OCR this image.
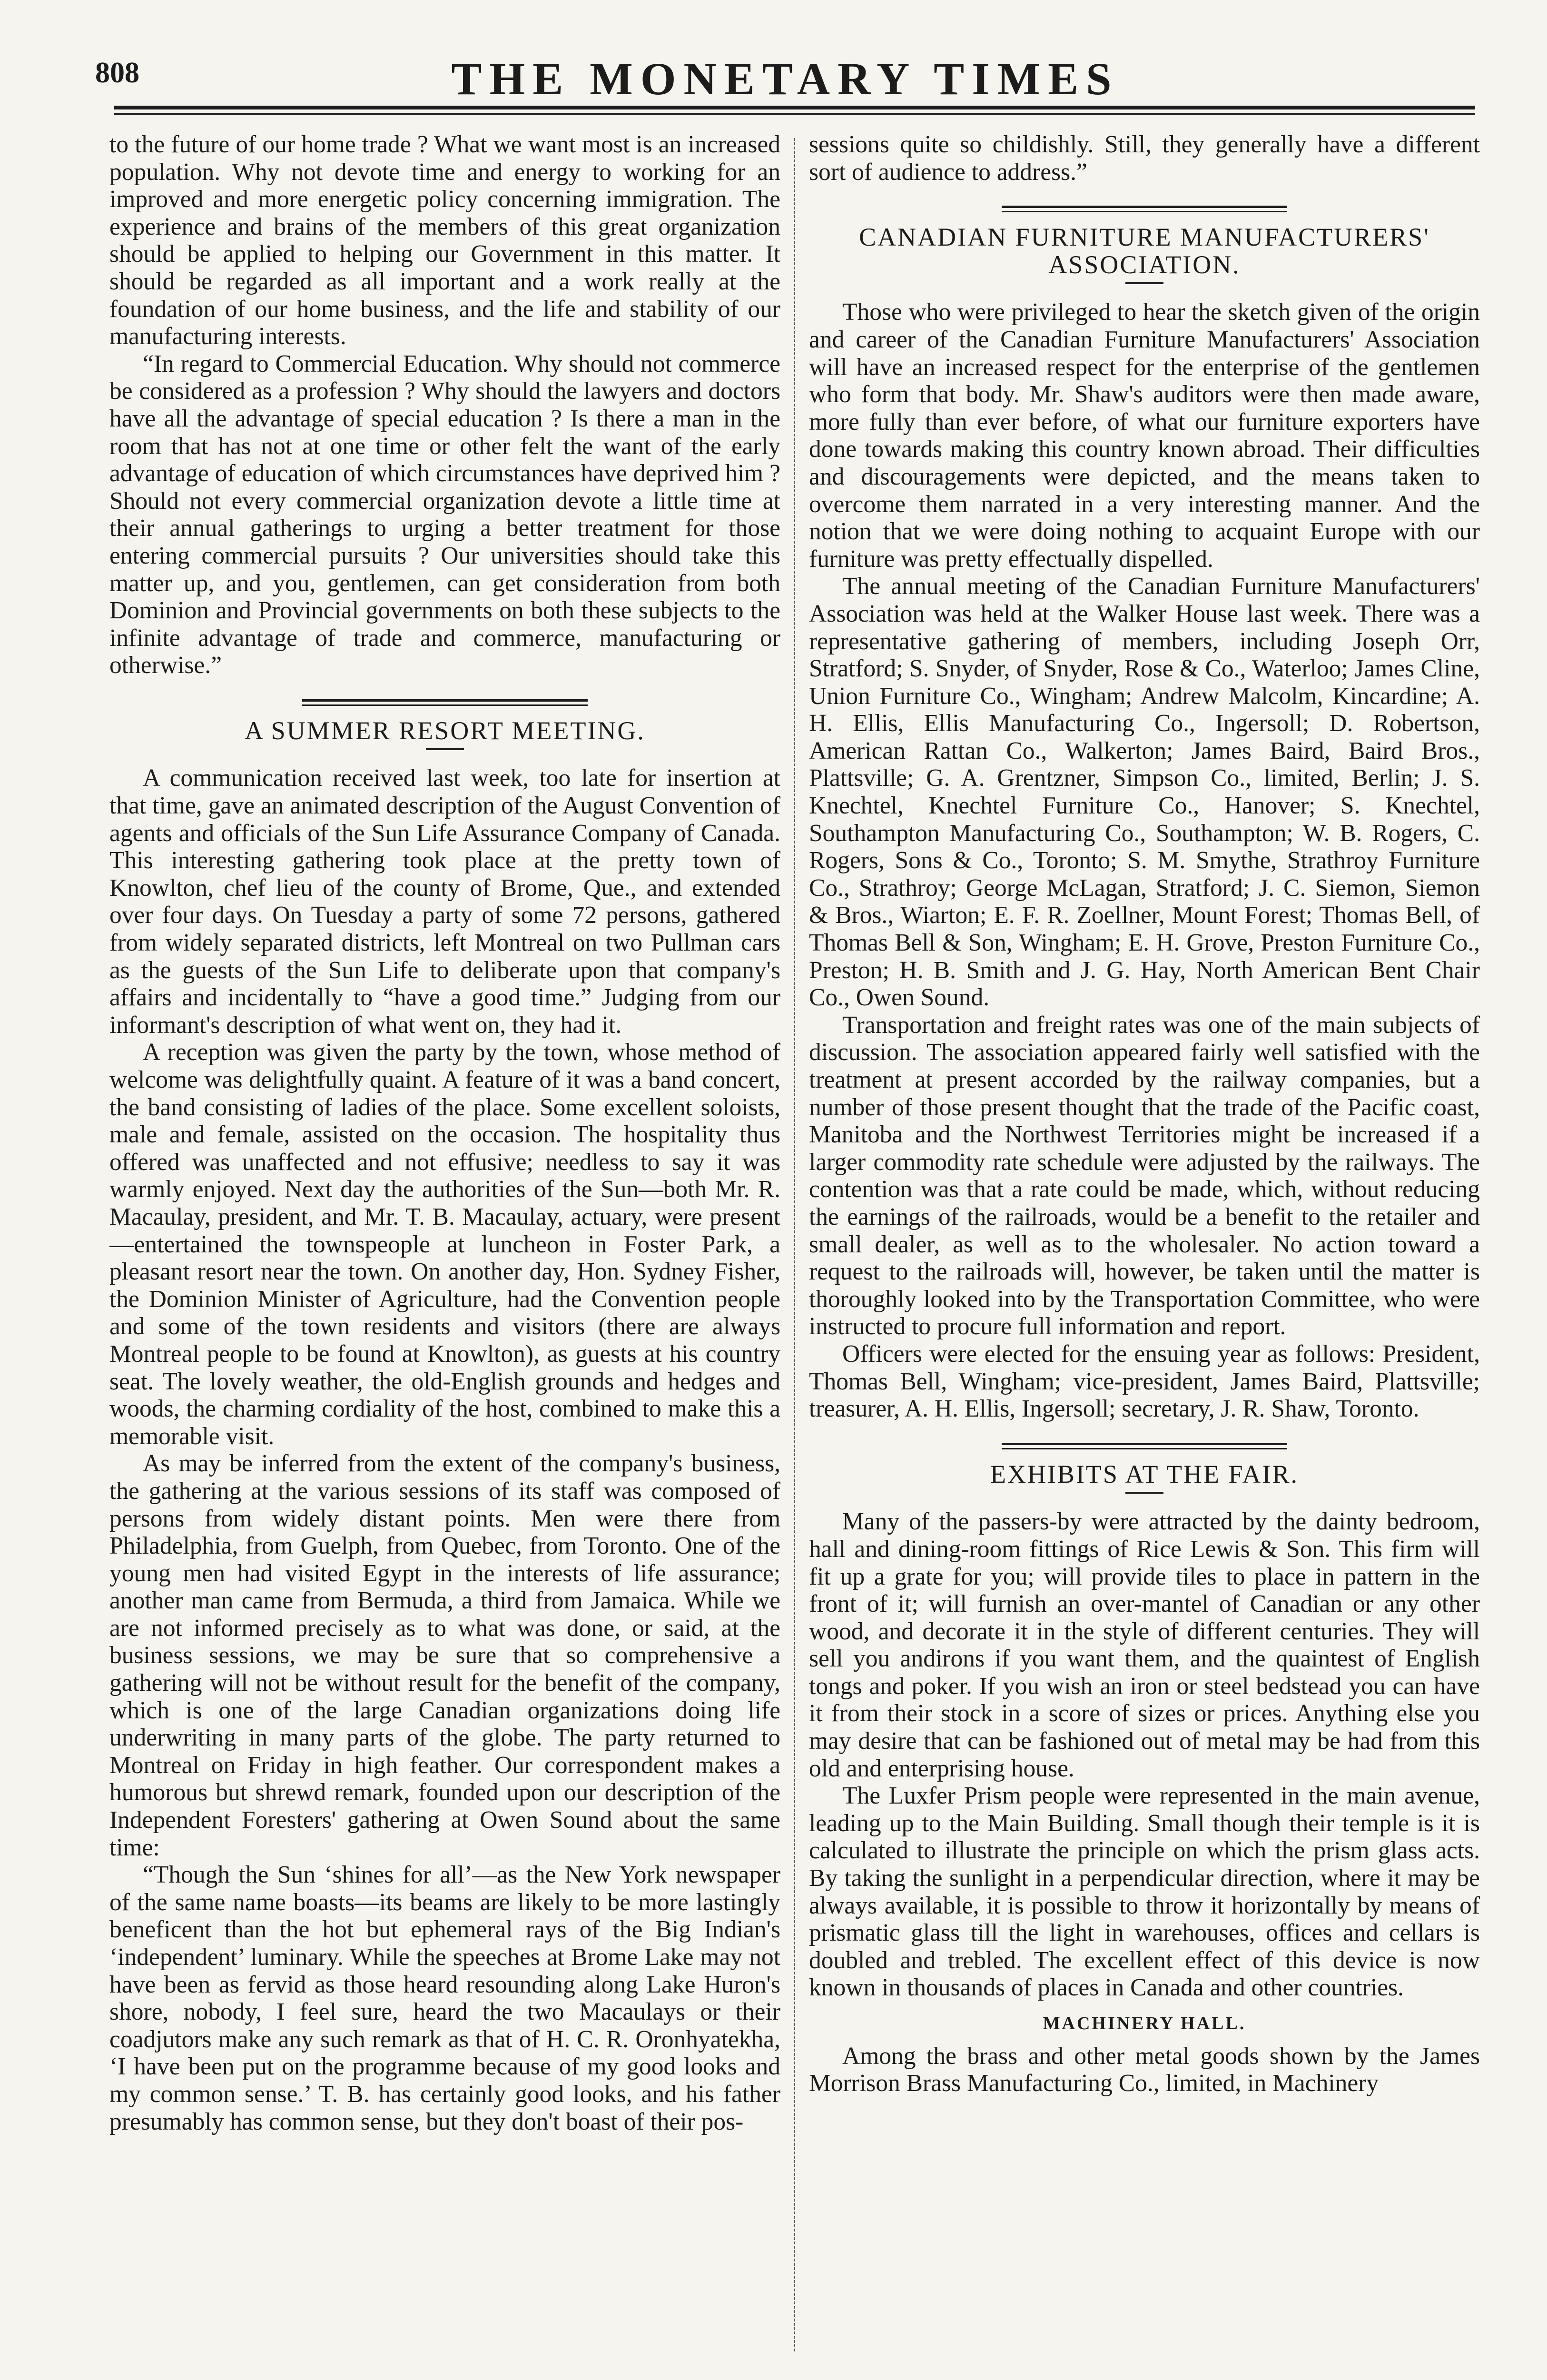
808	THE MONETARY TIMES

to the future of our home trade ? What we want most is an increased population. Why not devote time and energy to working for an improved and more energetic policy concerning immigration. The experience and brains of the members of this great organization should be applied to helping our Government in this matter. It should be regarded as all important and a work really at the foundation of our home business, and the life and stability of our manufacturing interests.

“In regard to Commercial Education. Why should not commerce be considered as a profession ? Why should the lawyers and doctors have all the advantage of special education ? Is there a man in the room that has not at one time or other felt the want of the early advantage of education of which circumstances have deprived him ? Should not every commercial organization devote a little time at their annual gatherings to urging a better treatment for those entering commercial pursuits ? Our universities should take this matter up, and you, gentlemen, can get consideration from both Dominion and Provincial governments on both these subjects to the infinite advantage of trade and commerce, manufacturing or otherwise.”

A SUMMER RESORT MEETING.

A communication received last week, too late for insertion at that time, gave an animated description of the August Convention of agents and officials of the Sun Life Assurance Company of Canada. This interesting gathering took place at the pretty town of Knowlton, chef lieu of the county of Brome, Que., and extended over four days. On Tuesday a party of some 72 persons, gathered from widely separated districts, left Montreal on two Pullman cars as the guests of the Sun Life to deliberate upon that company's affairs and incidentally to “have a good time.” Judging from our informant's description of what went on, they had it.

A reception was given the party by the town, whose method of welcome was delightfully quaint. A feature of it was a band concert, the band consisting of ladies of the place. Some excellent soloists, male and female, assisted on the occasion. The hospitality thus offered was unaffected and not effusive; needless to say it was warmly enjoyed. Next day the authorities of the Sun—both Mr. R. Macaulay, president, and Mr. T. B. Macaulay, actuary, were present—entertained the townspeople at luncheon in Foster Park, a pleasant resort near the town. On another day, Hon. Sydney Fisher, the Dominion Minister of Agriculture, had the Convention people and some of the town residents and visitors (there are always Montreal people to be found at Knowlton), as guests at his country seat. The lovely weather, the old-English grounds and hedges and woods, the charming cordiality of the host, combined to make this a memorable visit.

As may be inferred from the extent of the company's business, the gathering at the various sessions of its staff was composed of persons from widely distant points. Men were there from Philadelphia, from Guelph, from Quebec, from Toronto. One of the young men had visited Egypt in the interests of life assurance; another man came from Bermuda, a third from Jamaica. While we are not informed precisely as to what was done, or said, at the business sessions, we may be sure that so comprehensive a gathering will not be without result for the benefit of the company, which is one of the large Canadian organizations doing life underwriting in many parts of the globe. The party returned to Montreal on Friday in high feather. Our correspondent makes a humorous but shrewd remark, founded upon our description of the Independent Foresters' gathering at Owen Sound about the same time:

“Though the Sun ‘shines for all’—as the New York newspaper of the same name boasts—its beams are likely to be more lastingly beneficent than the hot but ephemeral rays of the Big Indian's ‘independent’ luminary. While the speeches at Brome Lake may not have been as fervid as those heard resounding along Lake Huron's shore, nobody, I feel sure, heard the two Macaulays or their coadjutors make any such remark as that of H. C. R. Oronhyatekha, ‘I have been put on the programme because of my good looks and my common sense.’ T. B. has certainly good looks, and his father presumably has common sense, but they don't boast of their pos-

sessions quite so childishly. Still, they generally have a different sort of audience to address.”

CANADIAN FURNITURE MANUFACTURERS' ASSOCIATION.

Those who were privileged to hear the sketch given of the origin and career of the Canadian Furniture Manufacturers' Association will have an increased respect for the enterprise of the gentlemen who form that body. Mr. Shaw's auditors were then made aware, more fully than ever before, of what our furniture exporters have done towards making this country known abroad. Their difficulties and discouragements were depicted, and the means taken to overcome them narrated in a very interesting manner. And the notion that we were doing nothing to acquaint Europe with our furniture was pretty effectually dispelled.

The annual meeting of the Canadian Furniture Manufacturers' Association was held at the Walker House last week. There was a representative gathering of members, including Joseph Orr, Stratford; S. Snyder, of Snyder, Rose & Co., Waterloo; James Cline, Union Furniture Co., Wingham; Andrew Malcolm, Kincardine; A. H. Ellis, Ellis Manufacturing Co., Ingersoll; D. Robertson, American Rattan Co., Walkerton; James Baird, Baird Bros., Plattsville; G. A. Grentzner, Simpson Co., limited, Berlin; J. S. Knechtel, Knechtel Furniture Co., Hanover; S. Knechtel, Southampton Manufacturing Co., Southampton; W. B. Rogers, C. Rogers, Sons & Co., Toronto; S. M. Smythe, Strathroy Furniture Co., Strathroy; George McLagan, Stratford; J. C. Siemon, Siemon & Bros., Wiarton; E. F. R. Zoellner, Mount Forest; Thomas Bell, of Thomas Bell & Son, Wingham; E. H. Grove, Preston Furniture Co., Preston; H. B. Smith and J. G. Hay, North American Bent Chair Co., Owen Sound.

Transportation and freight rates was one of the main subjects of discussion. The association appeared fairly well satisfied with the treatment at present accorded by the railway companies, but a number of those present thought that the trade of the Pacific coast, Manitoba and the Northwest Territories might be increased if a larger commodity rate schedule were adjusted by the railways. The contention was that a rate could be made, which, without reducing the earnings of the railroads, would be a benefit to the retailer and small dealer, as well as to the wholesaler. No action toward a request to the railroads will, however, be taken until the matter is thoroughly looked into by the Transportation Committee, who were instructed to procure full information and report.

Officers were elected for the ensuing year as follows: President, Thomas Bell, Wingham; vice-president, James Baird, Plattsville; treasurer, A. H. Ellis, Ingersoll; secretary, J. R. Shaw, Toronto.

EXHIBITS AT THE FAIR.

Many of the passers-by were attracted by the dainty bedroom, hall and dining-room fittings of Rice Lewis & Son. This firm will fit up a grate for you; will provide tiles to place in pattern in the front of it; will furnish an over-mantel of Canadian or any other wood, and decorate it in the style of different centuries. They will sell you andirons if you want them, and the quaintest of English tongs and poker. If you wish an iron or steel bedstead you can have it from their stock in a score of sizes or prices. Anything else you may desire that can be fashioned out of metal may be had from this old and enterprising house.

The Luxfer Prism people were represented in the main avenue, leading up to the Main Building. Small though their temple is it is calculated to illustrate the principle on which the prism glass acts. By taking the sunlight in a perpendicular direction, where it may be always available, it is possible to throw it horizontally by means of prismatic glass till the light in warehouses, offices and cellars is doubled and trebled. The excellent effect of this device is now known in thousands of places in Canada and other countries.

MACHINERY HALL.

Among the brass and other metal goods shown by the James Morrison Brass Manufacturing Co., limited, in Machinery
